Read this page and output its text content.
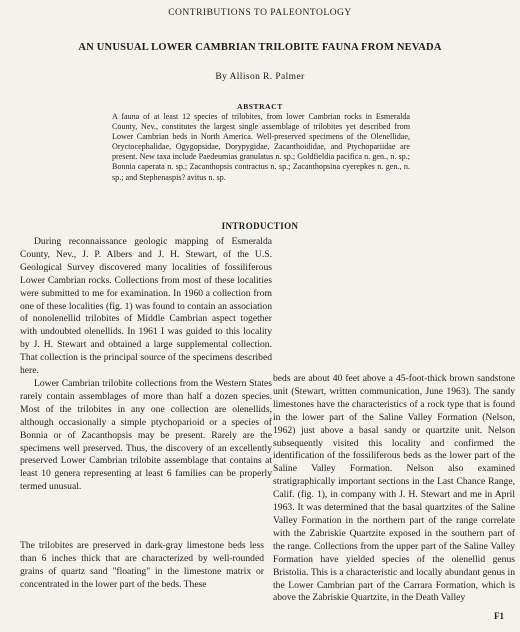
CONTRIBUTIONS TO PALEONTOLOGY
AN UNUSUAL LOWER CAMBRIAN TRILOBITE FAUNA FROM NEVADA
By Allison R. Palmer
ABSTRACT
A fauna of at least 12 species of trilobites, from lower Cambrian rocks in Esmeralda County, Nev., constitutes the largest single assemblage of trilobites yet described from Lower Cambrian beds in North America. Well-preserved specimens of the Olenellidae, Oryctocephalidae, Ogygopsidae, Dorypygidae, Zacanthoididae, and Ptychopariidae are present. New taxa include Paedeumias granulatus n. sp.; Goldfieldia pacifica n. gen., n. sp.; Bonnia caperata n. sp.; Zacanthopsis contractus n. sp.; Zacanthopsina cyerepkes n. gen., n. sp.; and Stephenaspis? avitus n. sp.
INTRODUCTION

During reconnaissance geologic mapping of Esmeralda County, Nev., J. P. Albers and J. H. Stewart, of the U.S. Geological Survey discovered many localities of fossiliferous Lower Cambrian rocks. Collections from most of these localities were submitted to me for examination. In 1960 a collection from one of these localities (fig. 1) was found to contain an association of nonolenellid trilobites of Middle Cambrian aspect together with undoubted olenellids. In 1961 I was guided to this locality by J. H. Stewart and obtained a large supplemental collection. That collection is the principal source of the specimens described here.

Lower Cambrian trilobite collections from the Western States rarely contain assemblages of more than half a dozen species. Most of the trilobites in any one collection are olenellids, although occasionally a simple ptychoparioid or a species of Bonnia or of Zacanthopsis may be present. Rarely are the specimens well preserved. Thus, the discovery of an excellently preserved Lower Cambrian trilobite assemblage that contains at least 10 genera representing at least 6 families can be properly termed unusual.

The trilobites are preserved in dark-gray limestone beds less than 6 inches thick that are characterized by well-rounded grains of quartz sand "floating" in the limestone matrix or concentrated in the lower part of the beds. These

beds are about 40 feet above a 45-foot-thick brown sandstone unit (Stewart, written communication, June 1963). The sandy limestones have the characteristics of a rock type that is found in the lower part of the Saline Valley Formation (Nelson, 1962) just above a basal sandy or quartzite unit. Nelson subsequently visited this locality and confirmed the identification of the fossiliferous beds as the lower part of the Saline Valley Formation. Nelson also examined stratigraphically important sections in the Last Chance Range, Calif. (fig. 1), in company with J. H. Stewart and me in April 1963. It was determined that the basal quartzites of the Saline Valley Formation in the northern part of the range correlate with the Zabriskie Quartzite exposed in the southern part of the range. Collections from the upper part of the Saline Valley Formation have yielded species of the olenellid genus Bristolia. This is a characteristic and locally abundant genus in the Lower Cambrian part of the Carrara Formation, which is above the Zabriskie Quartzite, in the Death Valley

F1
